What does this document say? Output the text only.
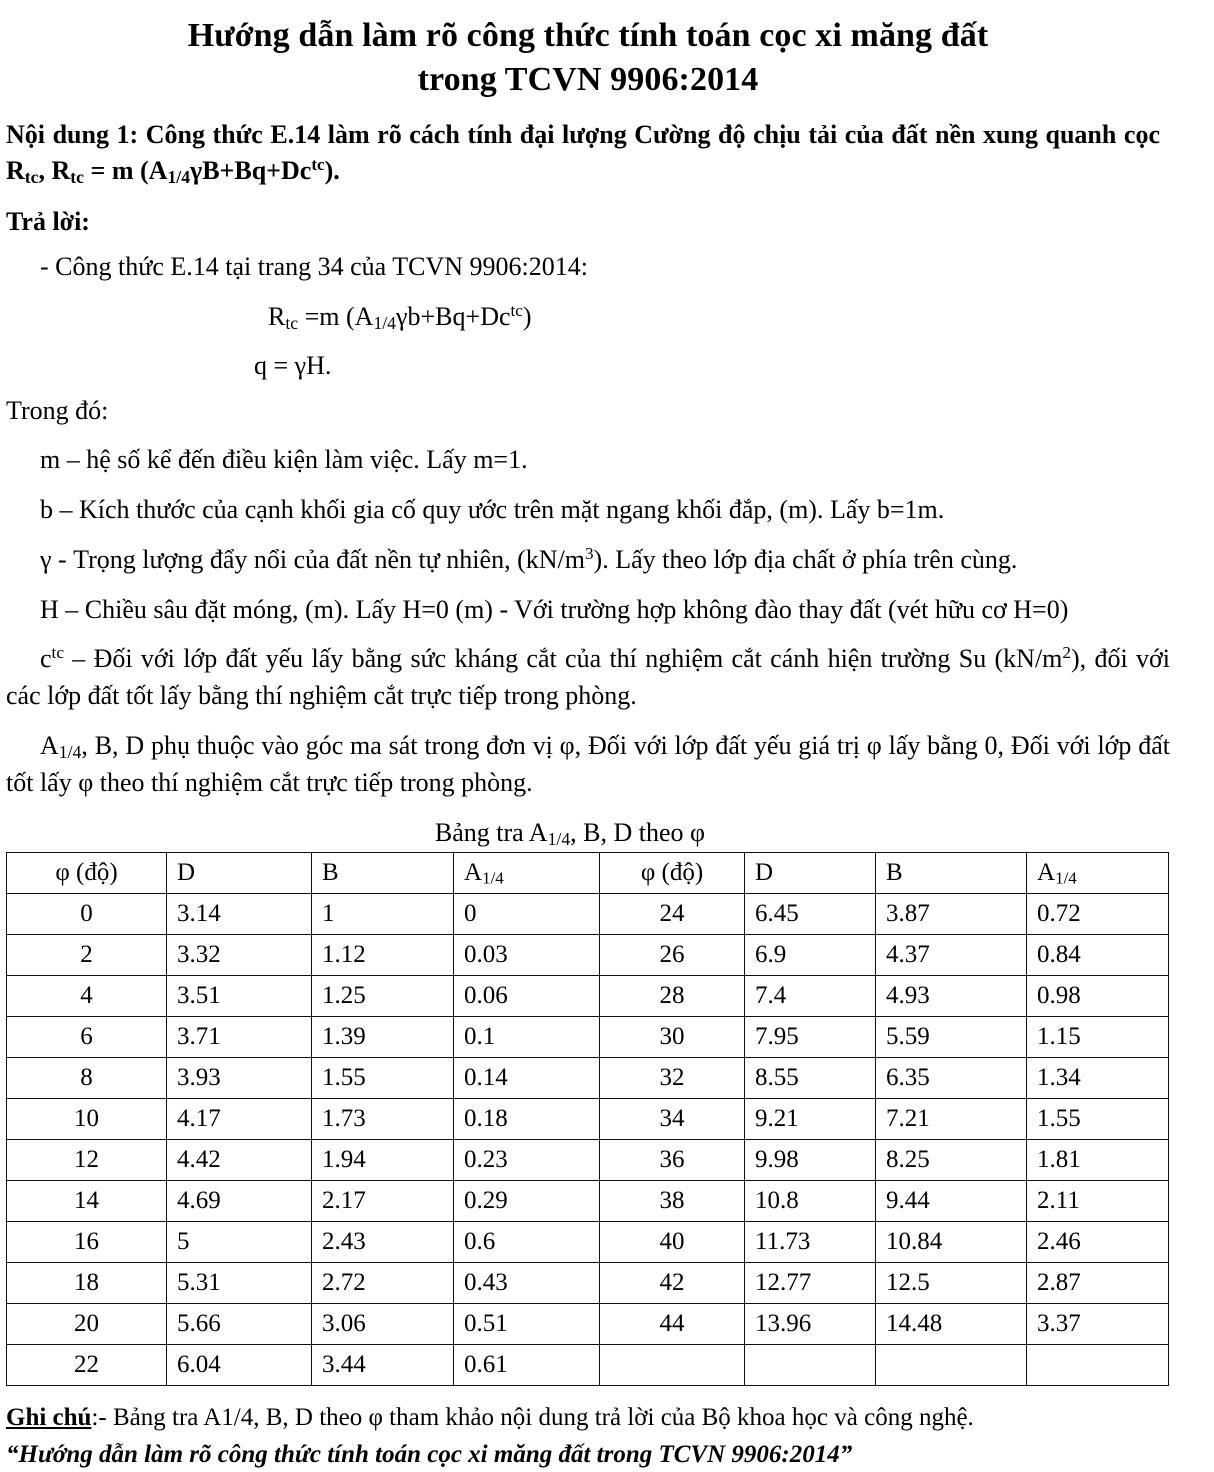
Hướng dẫn làm rõ công thức tính toán cọc xi măng đất
trong TCVN 9906:2014

Nội dung 1: Công thức E.14 làm rõ cách tính đại lượng Cường độ chịu tải của đất nền xung quanh cọc $R_{tc}$, $R_{tc} = m$ $(A_{1/4}\gamma B+Bq+Dc^{tc})$.

Trả lời:

- Công thức E.14 tại trang 34 của TCVN 9906:2014:

$R_{tc} =m$ $(A_{1/4}\gamma b+Bq+Dc^{tc})$

q = γH.

Trong đó:

m – hệ số kể đến điều kiện làm việc. Lấy m=1.

b – Kích thước của cạnh khối gia cố quy ước trên mặt ngang khối đắp, (m). Lấy b=1m.

γ - Trọng lượng đẩy nổi của đất nền tự nhiên, $(kN/m^3)$. Lấy theo lớp địa chất ở phía trên cùng.

H – Chiều sâu đặt móng, (m). Lấy H=0 (m) - Với trường hợp không đào thay đất (vét hữu cơ H=0)

$c^{tc}$ – Đối với lớp đất yếu lấy bằng sức kháng cắt của thí nghiệm cắt cánh hiện trường Su $(kN/m^2)$, đối với các lớp đất tốt lấy bằng thí nghiệm cắt trực tiếp trong phòng.

$A_{1/4}$, B, D phụ thuộc vào góc ma sát trong đơn vị φ, Đối với lớp đất yếu giá trị φ lấy bằng 0, Đối với lớp đất tốt lấy φ theo thí nghiệm cắt trực tiếp trong phòng.

Bảng tra $A_{1/4}$, B, D theo φ

φ (độ)	D	B	$A_{1/4}$	φ (độ)	D	B	$A_{1/4}$
0	3.14	1	0	24	6.45	3.87	0.72
2	3.32	1.12	0.03	26	6.9	4.37	0.84
4	3.51	1.25	0.06	28	7.4	4.93	0.98
6	3.71	1.39	0.1	30	7.95	5.59	1.15
8	3.93	1.55	0.14	32	8.55	6.35	1.34
10	4.17	1.73	0.18	34	9.21	7.21	1.55
12	4.42	1.94	0.23	36	9.98	8.25	1.81
14	4.69	2.17	0.29	38	10.8	9.44	2.11
16	5	2.43	0.6	40	11.73	10.84	2.46
18	5.31	2.72	0.43	42	12.77	12.5	2.87
20	5.66	3.06	0.51	44	13.96	14.48	3.37
22	6.04	3.44	0.61				
Ghi chú:- Bảng tra A1/4, B, D theo φ tham khảo nội dung trả lời của Bộ khoa học và công nghệ.
“Hướng dẫn làm rõ công thức tính toán cọc xi măng đất trong TCVN 9906:2014”
